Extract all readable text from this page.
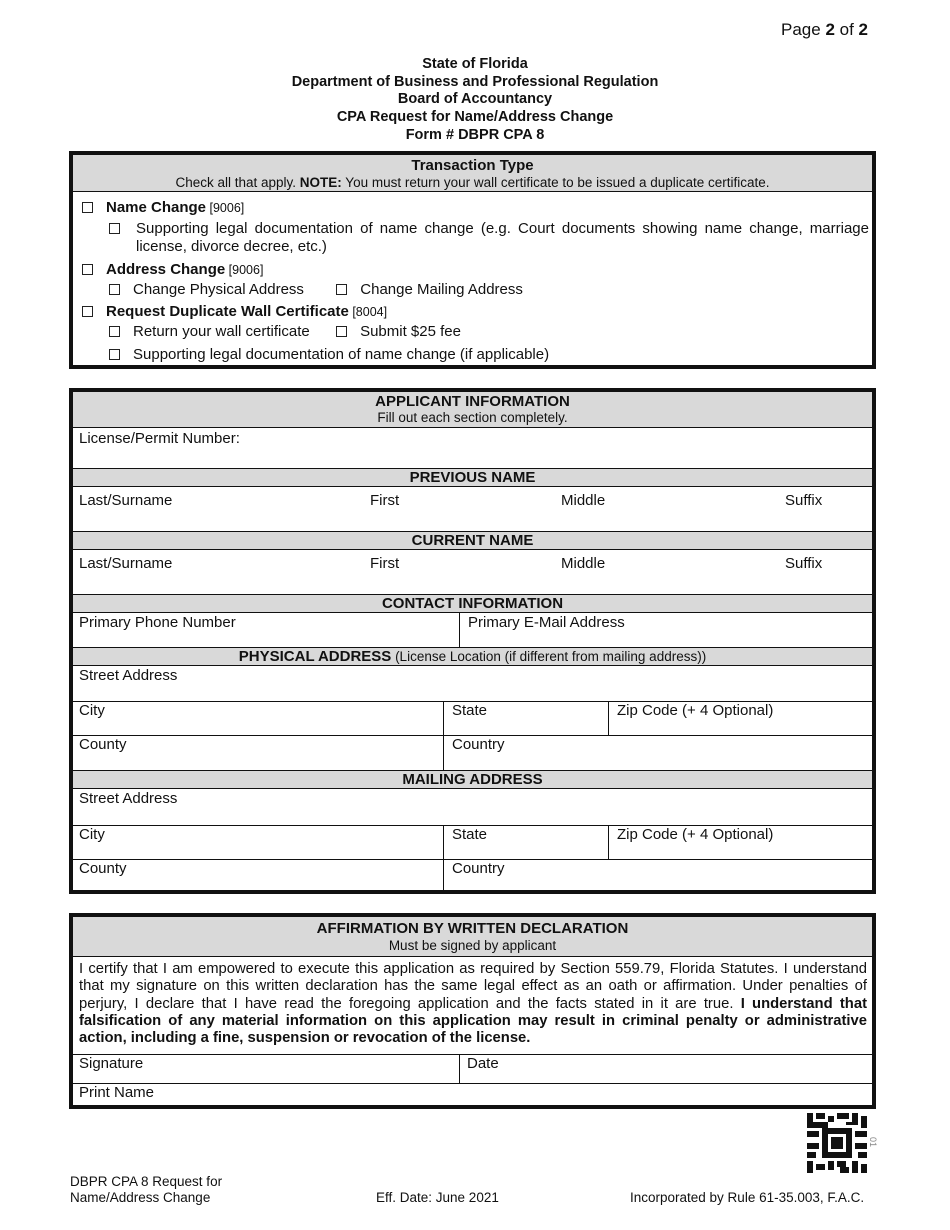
Page 2 of 2
State of Florida
Department of Business and Professional Regulation
Board of Accountancy
CPA Request for Name/Address Change
Form # DBPR CPA 8
Transaction Type
Check all that apply. NOTE: You must return your wall certificate to be issued a duplicate certificate.
Name Change [9006]
Supporting legal documentation of name change (e.g. Court documents showing name change, marriage license, divorce decree, etc.)
Address Change [9006]
Change Physical Address	Change Mailing Address
Request Duplicate Wall Certificate [8004]
Return your wall certificate	Submit $25 fee
Supporting legal documentation of name change (if applicable)
APPLICANT INFORMATION
Fill out each section completely.
License/Permit Number:
PREVIOUS NAME
Last/Surname	First	Middle	Suffix
CURRENT NAME
Last/Surname	First	Middle	Suffix
CONTACT INFORMATION
Primary Phone Number	Primary E-Mail Address
PHYSICAL ADDRESS (License Location (if different from mailing address))
Street Address
City	State	Zip Code (+ 4 Optional)
County	Country
MAILING ADDRESS
Street Address
City	State	Zip Code (+ 4 Optional)
County	Country
AFFIRMATION BY WRITTEN DECLARATION
Must be signed by applicant
I certify that I am empowered to execute this application as required by Section 559.79, Florida Statutes. I understand that my signature on this written declaration has the same legal effect as an oath or affirmation. Under penalties of perjury, I declare that I have read the foregoing application and the facts stated in it are true. I understand that falsification of any material information on this application may result in criminal penalty or administrative action, including a fine, suspension or revocation of the license.
Signature	Date
Print Name
01
DBPR CPA 8 Request for
Name/Address Change	Eff. Date: June 2021	Incorporated by Rule 61-35.003, F.A.C.
